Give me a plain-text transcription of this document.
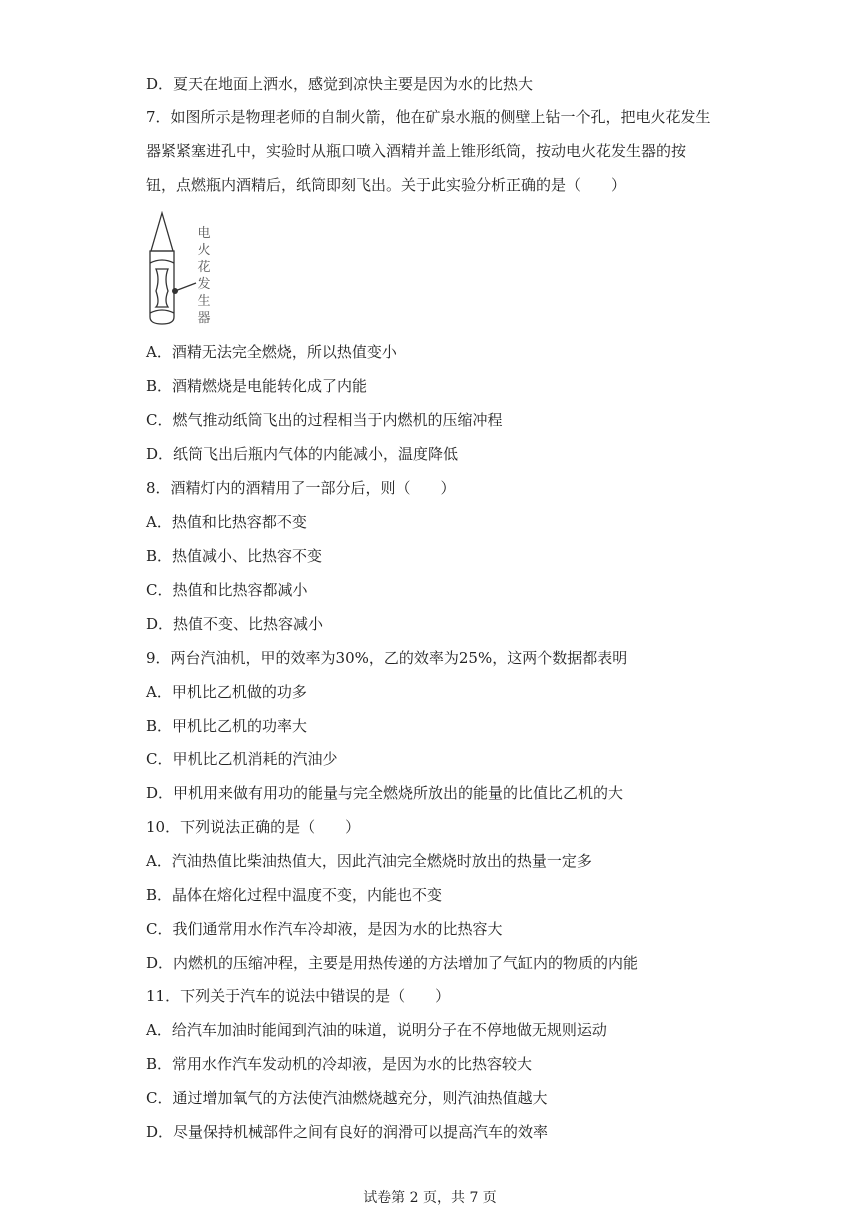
D．夏天在地面上洒水，感觉到凉快主要是因为水的比热大
7．如图所示是物理老师的自制火箭，他在矿泉水瓶的侧壁上钻一个孔，把电火花发生
器紧紧塞进孔中，实验时从瓶口喷入酒精并盖上锥形纸筒，按动电火花发生器的按
钮，点燃瓶内酒精后，纸筒即刻飞出。关于此实验分析正确的是（　　）
电
火
花
发
生
器
A．酒精无法完全燃烧，所以热值变小
B．酒精燃烧是电能转化成了内能
C．燃气推动纸筒飞出的过程相当于内燃机的压缩冲程
D．纸筒飞出后瓶内气体的内能减小，温度降低
8．酒精灯内的酒精用了一部分后，则（　　）
A．热值和比热容都不变
B．热值减小、比热容不变
C．热值和比热容都减小
D．热值不变、比热容减小
9．两台汽油机，甲的效率为30%，乙的效率为25%，这两个数据都表明
A．甲机比乙机做的功多
B．甲机比乙机的功率大
C．甲机比乙机消耗的汽油少
D．甲机用来做有用功的能量与完全燃烧所放出的能量的比值比乙机的大
10．下列说法正确的是（　　）
A．汽油热值比柴油热值大，因此汽油完全燃烧时放出的热量一定多
B．晶体在熔化过程中温度不变，内能也不变
C．我们通常用水作汽车冷却液，是因为水的比热容大
D．内燃机的压缩冲程，主要是用热传递的方法增加了气缸内的物质的内能
11．下列关于汽车的说法中错误的是（　　）
A．给汽车加油时能闻到汽油的味道，说明分子在不停地做无规则运动
B．常用水作汽车发动机的冷却液，是因为水的比热容较大
C．通过增加氧气的方法使汽油燃烧越充分，则汽油热值越大
D．尽量保持机械部件之间有良好的润滑可以提高汽车的效率
试卷第 2 页，共 7 页
